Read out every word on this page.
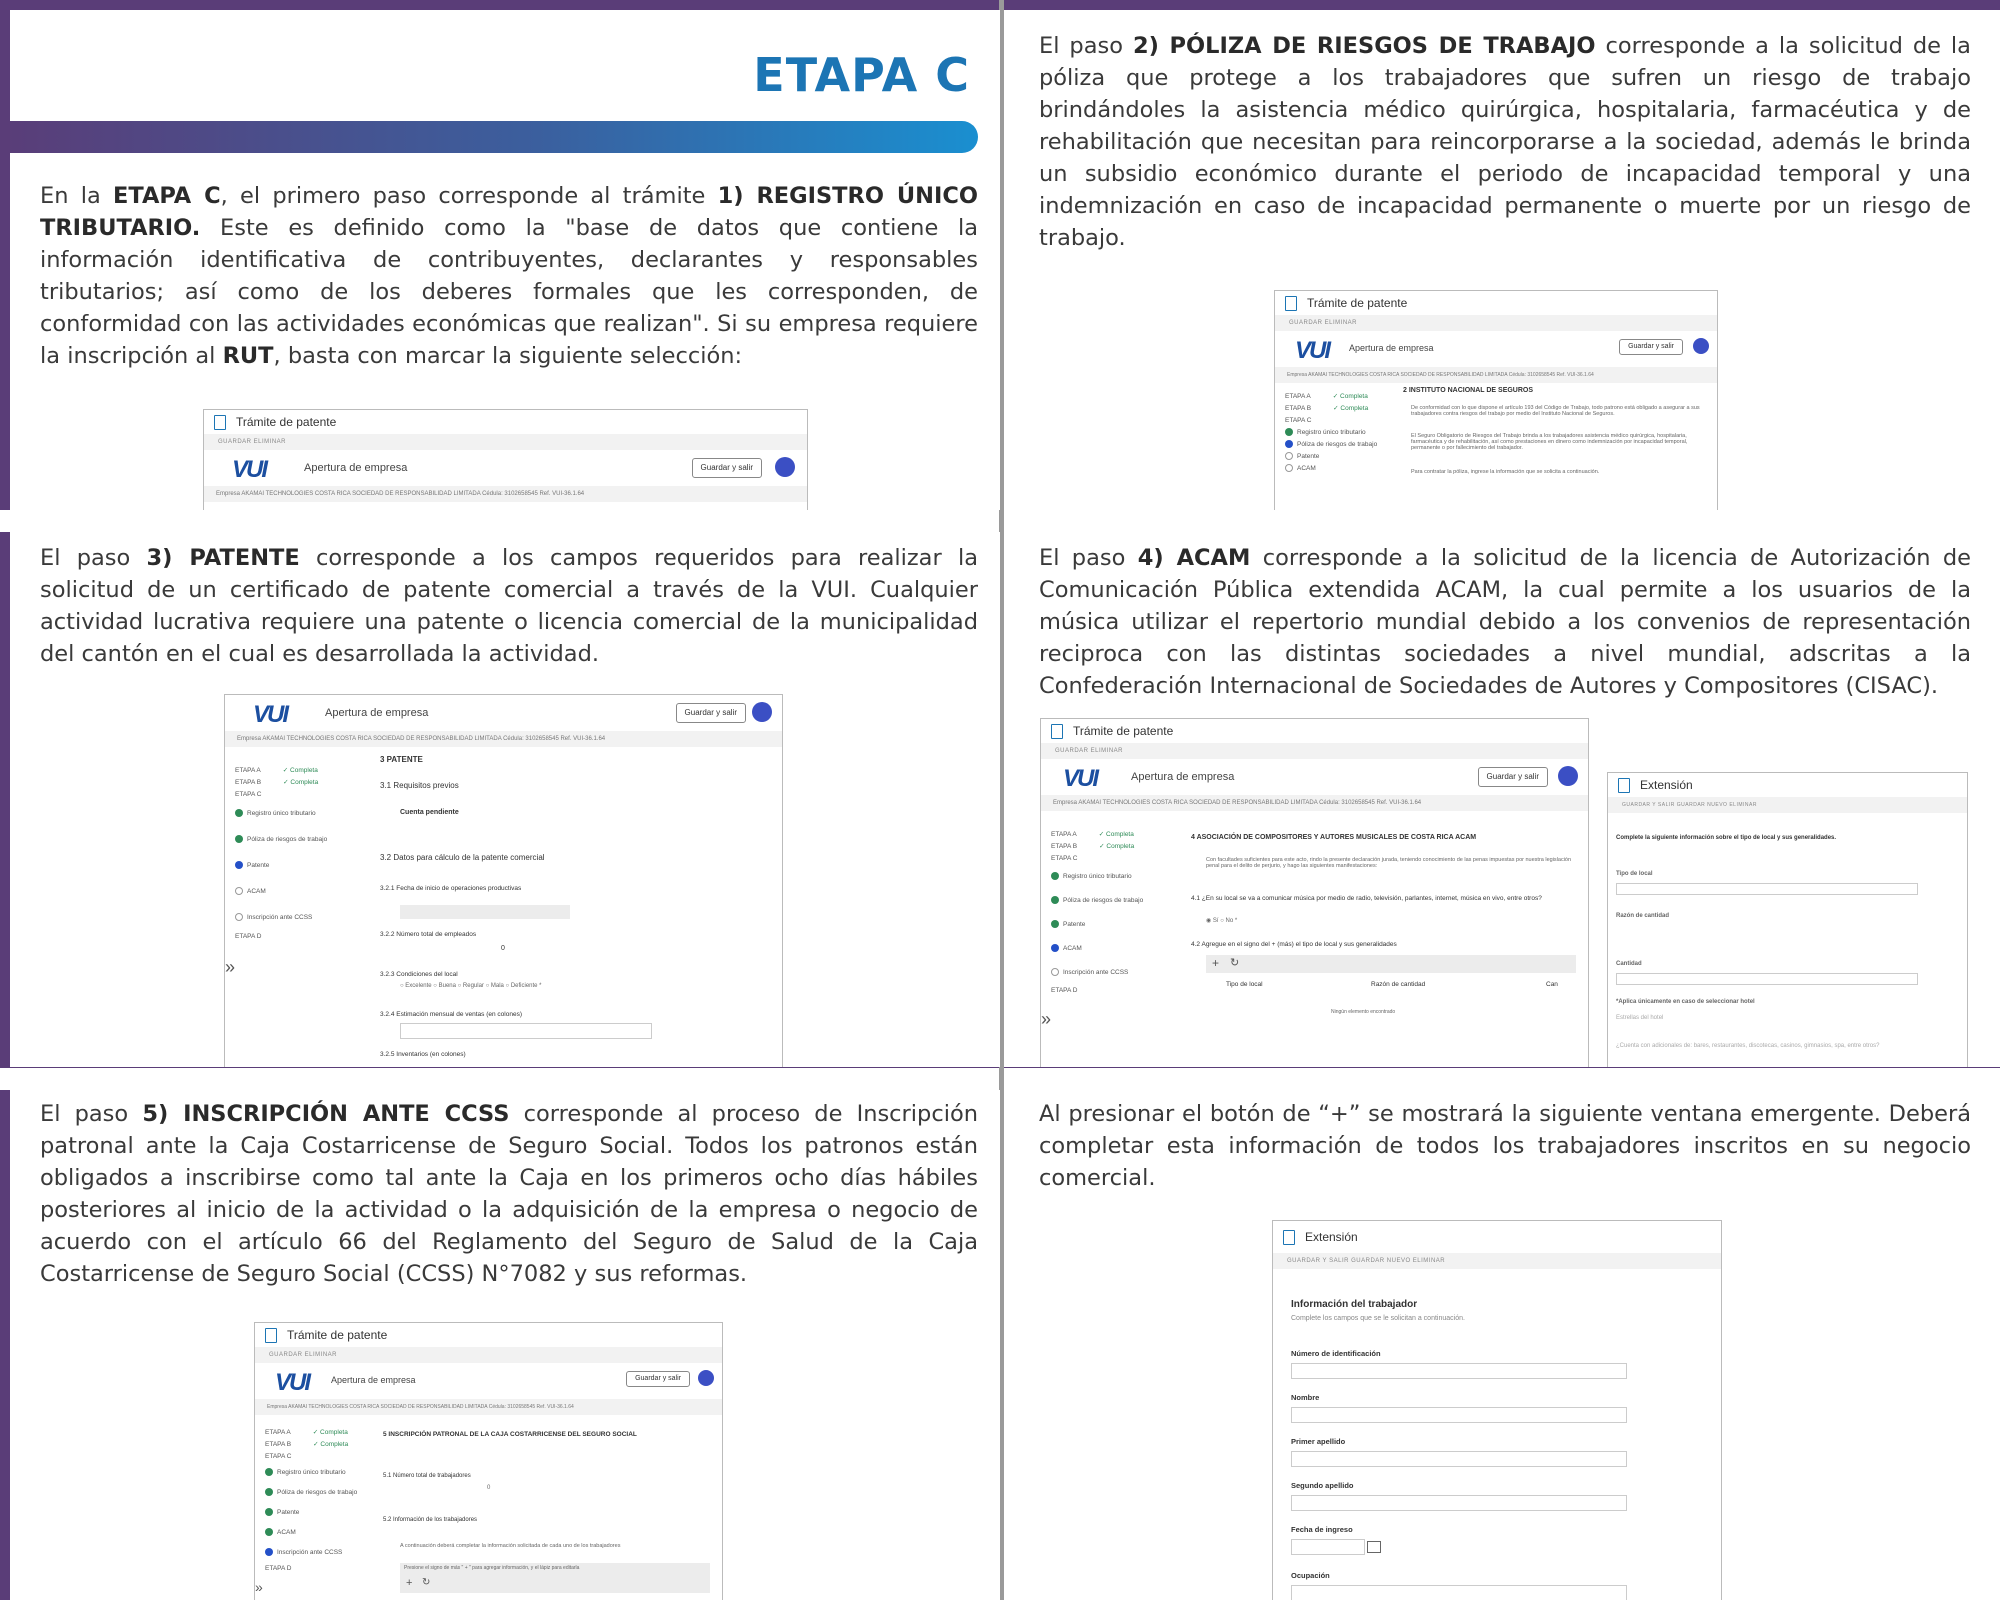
ETAPA C

En la ETAPA C, el primero paso corresponde al trámite 1) REGISTRO ÚNICO TRIBUTARIO. Este es definido como la "base de datos que contiene la información identificativa de contribuyentes, declarantes y responsables tributarios; así como de los deberes formales que les corresponden, de conformidad con las actividades económicas que realizan". Si su empresa requiere la inscripción al RUT, basta con marcar la siguiente selección:

Trámite de patente
GUARDAR ELIMINAR
VUI	Apertura de empresa	Guardar y salir
Empresa AKAMAI TECHNOLOGIES COSTA RICA SOCIEDAD DE RESPONSABILIDAD LIMITADA Cédula: 3102658545 Ref. VUI-36.1.64

El paso 2) PÓLIZA DE RIESGOS DE TRABAJO corresponde a la solicitud de la póliza que protege a los trabajadores que sufren un riesgo de trabajo brindándoles la asistencia médico quirúrgica, hospitalaria, farmacéutica y de rehabilitación que necesitan para reincorporarse a la sociedad, además le brinda un subsidio económico durante el periodo de incapacidad temporal y una indemnización en caso de incapacidad permanente o muerte por un riesgo de trabajo.

Trámite de patente
GUARDAR ELIMINAR
VUI Apertura de empresa	Guardar y salir
Empresa AKAMAI TECHNOLOGIES COSTA RICA SOCIEDAD DE RESPONSABILIDAD LIMITADA Cédula: 3102658545 Ref. VUI-36.1.64
ETAPA A	✓ Completa
ETAPA B	✓ Completa
ETAPA C
Registro único tributario
Póliza de riesgos de trabajo
Patente
ACAM
2 INSTITUTO NACIONAL DE SEGUROS
De conformidad con lo que dispone el artículo 193 del Código de Trabajo, todo patrono está obligado a asegurar a sus trabajadores contra riesgos del trabajo por medio del Instituto Nacional de Seguros.
El Seguro Obligatorio de Riesgos del Trabajo brinda a los trabajadores asistencia médico quirúrgica, hospitalaria, farmacéutica y de rehabilitación, así como prestaciones en dinero como indemnización por incapacidad temporal, permanente o por fallecimiento del trabajador.
Para contratar la póliza, ingrese la información que se solicita a continuación.

El paso 3) PATENTE corresponde a los campos requeridos para realizar la solicitud de un certificado de patente comercial a través de la VUI. Cualquier actividad lucrativa requiere una patente o licencia comercial de la municipalidad del cantón en el cual es desarrollada la actividad.

VUI	Apertura de empresa	Guardar y salir
Empresa AKAMAI TECHNOLOGIES COSTA RICA SOCIEDAD DE RESPONSABILIDAD LIMITADA Cédula: 3102658545 Ref. VUI-36.1.64
ETAPA A	✓ Completa
ETAPA B	✓ Completa
ETAPA C
Registro único tributario
Póliza de riesgos de trabajo
Patente
ACAM
Inscripción ante CCSS
ETAPA D
»
3 PATENTE
3.1 Requisitos previos
Cuenta pendiente
3.2 Datos para cálculo de la patente comercial
3.2.1 Fecha de inicio de operaciones productivas
3.2.2 Número total de empleados
0
3.2.3 Condiciones del local
○ Excelente ○ Buena ○ Regular ○ Mala ○ Deficiente *
3.2.4 Estimación mensual de ventas (en colones)
3.2.5 Inventarios (en colones)

El paso 4) ACAM corresponde a la solicitud de la licencia de Autorización de Comunicación Pública extendida ACAM, la cual permite a los usuarios de la música utilizar el repertorio mundial debido a los convenios de representación reciproca con las distintas sociedades a nivel mundial, adscritas a la Confederación Internacional de Sociedades de Autores y Compositores (CISAC).

Trámite de patente
GUARDAR ELIMINAR
VUI	Apertura de empresa	Guardar y salir
Empresa AKAMAI TECHNOLOGIES COSTA RICA SOCIEDAD DE RESPONSABILIDAD LIMITADA Cédula: 3102658545 Ref. VUI-36.1.64
ETAPA A	✓ Completa
ETAPA B	✓ Completa
ETAPA C
Registro único tributario
Póliza de riesgos de trabajo
Patente
ACAM
Inscripción ante CCSS
ETAPA D
»
4 ASOCIACIÓN DE COMPOSITORES Y AUTORES MUSICALES DE COSTA RICA ACAM
Con facultades suficientes para este acto, rindo la presente declaración jurada, teniendo conocimiento de las penas impuestas por nuestra legislación penal para el delito de perjurio, y hago las siguientes manifestaciones:
4.1 ¿En su local se va a comunicar música por medio de radio, televisión, parlantes, internet, música en vivo, entre otros?
◉ Sí ○ No *
4.2 Agregue en el signo del + (más) el tipo de local y sus generalidades
+ ↻
Tipo de local	Razón de cantidad	Can
Ningún elemento encontrado
Extensión
GUARDAR Y SALIR GUARDAR NUEVO ELIMINAR
Complete la siguiente información sobre el tipo de local y sus generalidades.
Tipo de local
Razón de cantidad
Cantidad
*Aplica únicamente en caso de seleccionar hotel
Estrellas del hotel
¿Cuenta con adicionales de: bares, restaurantes, discotecas, casinos, gimnasios, spa, entre otros?

El paso 5) INSCRIPCIÓN ANTE CCSS corresponde al proceso de Inscripción patronal ante la Caja Costarricense de Seguro Social. Todos los patronos están obligados a inscribirse como tal ante la Caja en los primeros ocho días hábiles posteriores al inicio de la actividad o la adquisición de la empresa o negocio de acuerdo con el artículo 66 del Reglamento del Seguro de Salud de la Caja Costarricense de Seguro Social (CCSS) N°7082 y sus reformas.

Trámite de patente
GUARDAR ELIMINAR
VUI Apertura de empresa	Guardar y salir
Empresa AKAMAI TECHNOLOGIES COSTA RICA SOCIEDAD DE RESPONSABILIDAD LIMITADA Cédula: 3102658545 Ref. VUI-36.1.64
ETAPA A	✓ Completa
ETAPA B	✓ Completa
ETAPA C
Registro único tributario
Póliza de riesgos de trabajo
Patente
ACAM
Inscripción ante CCSS
ETAPA D
»
5 INSCRIPCIÓN PATRONAL DE LA CAJA COSTARRICENSE DEL SEGURO SOCIAL
5.1 Número total de trabajadores
0
5.2 Información de los trabajadores
A continuación deberá completar la información solicitada de cada uno de los trabajadores
Presione el signo de más " + " para agregar información, y el lápiz para editarla
+ ↻

Al presionar el botón de “+” se mostrará la siguiente ventana emergente. Deberá completar esta información de todos los trabajadores inscritos en su negocio comercial.

Extensión
GUARDAR Y SALIR GUARDAR NUEVO ELIMINAR
Información del trabajador
Complete los campos que se le solicitan a continuación.
Número de identificación
Nombre
Primer apellido
Segundo apellido
Fecha de ingreso
Ocupación
